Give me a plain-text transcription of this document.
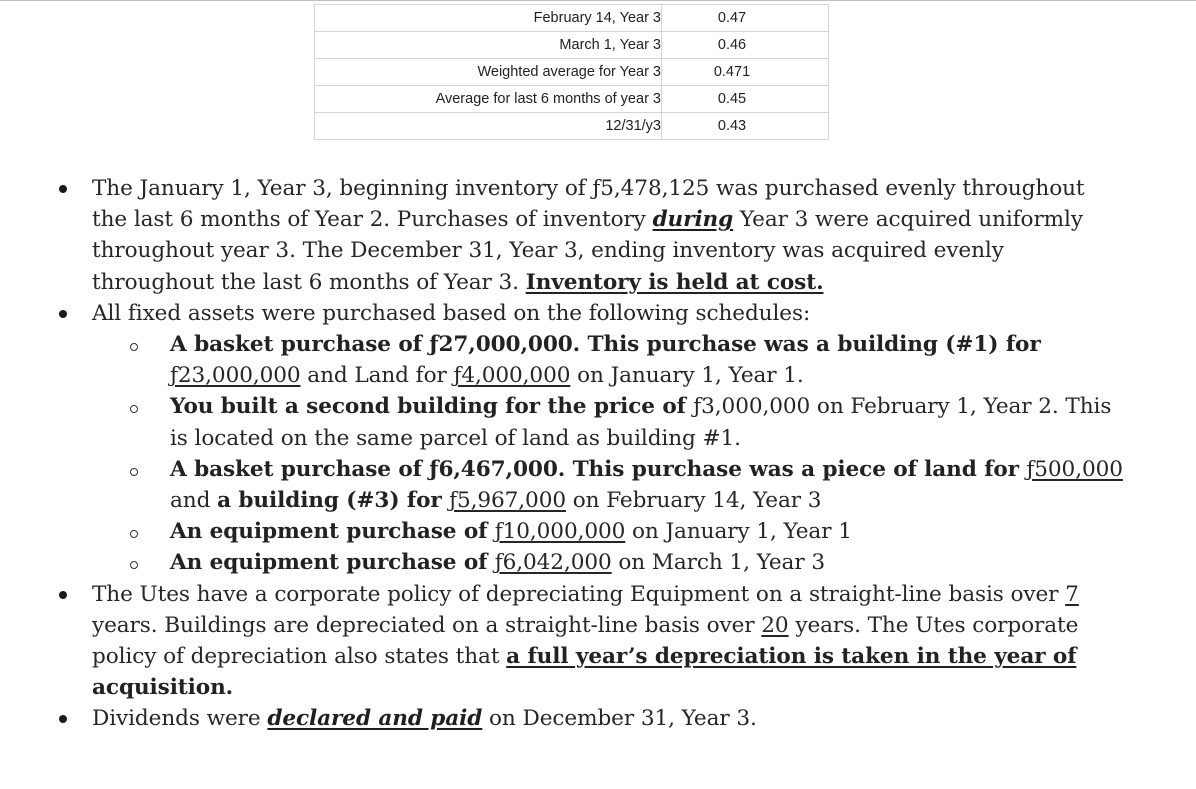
February 14, Year 3	0.47
March 1, Year 3	0.46
Weighted average for Year 3	0.471
Average for last 6 months of year 3	0.45
12/31/y3	0.43
The January 1, Year 3, beginning inventory of ƒ5,478,125 was purchased evenly throughout
the last 6 months of Year 2. Purchases of inventory during Year 3 were acquired uniformly
throughout year 3. The December 31, Year 3, ending inventory was acquired evenly
throughout the last 6 months of Year 3. Inventory is held at cost.
All fixed assets were purchased based on the following schedules:
A basket purchase of ƒ27,000,000. This purchase was a building (#1) for
ƒ23,000,000 and Land for ƒ4,000,000 on January 1, Year 1.
You built a second building for the price of ƒ3,000,000 on February 1, Year 2. This
is located on the same parcel of land as building #1.
A basket purchase of ƒ6,467,000. This purchase was a piece of land for ƒ500,000
and a building (#3) for ƒ5,967,000 on February 14, Year 3
An equipment purchase of ƒ10,000,000 on January 1, Year 1
An equipment purchase of ƒ6,042,000 on March 1, Year 3
The Utes have a corporate policy of depreciating Equipment on a straight-line basis over 7
years. Buildings are depreciated on a straight-line basis over 20 years. The Utes corporate
policy of depreciation also states that a full year’s depreciation is taken in the year of
acquisition.
Dividends were declared and paid on December 31, Year 3.
